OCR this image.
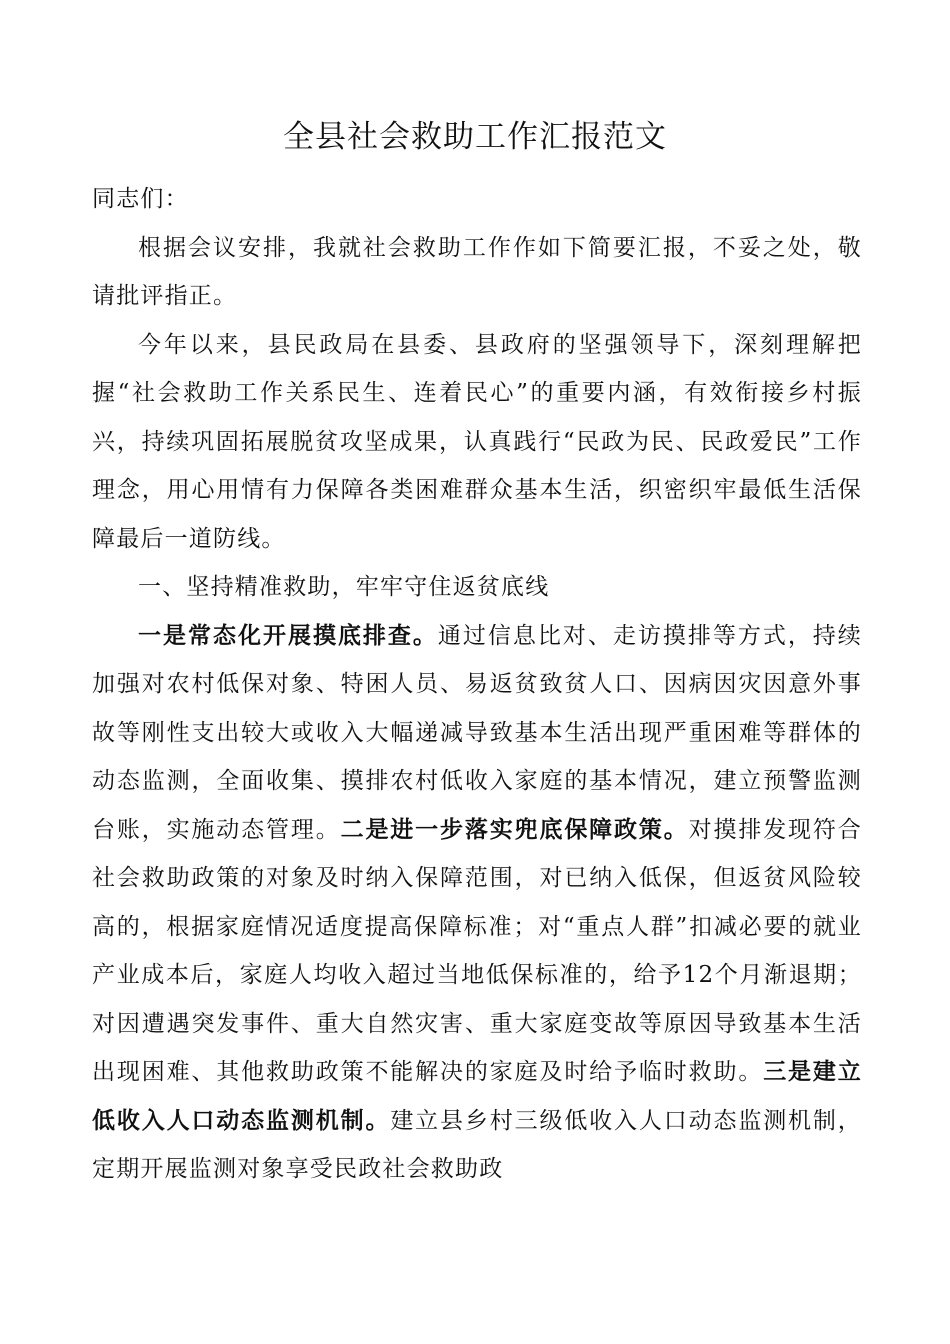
全县社会救助工作汇报范文

同志们：

根据会议安排，我就社会救助工作作如下简要汇报，不妥之处，敬请批评指正。

今年以来，县民政局在县委、县政府的坚强领导下，深刻理解把握“社会救助工作关系民生、连着民心”的重要内涵，有效衔接乡村振兴，持续巩固拓展脱贫攻坚成果，认真践行“民政为民、民政爱民”工作理念，用心用情有力保障各类困难群众基本生活，织密织牢最低生活保障最后一道防线。

一、坚持精准救助，牢牢守住返贫底线

一是常态化开展摸底排查。通过信息比对、走访摸排等方式，持续加强对农村低保对象、特困人员、易返贫致贫人口、因病因灾因意外事故等刚性支出较大或收入大幅递减导致基本生活出现严重困难等群体的动态监测，全面收集、摸排农村低收入家庭的基本情况，建立预警监测台账，实施动态管理。二是进一步落实兜底保障政策。对摸排发现符合社会救助政策的对象及时纳入保障范围，对已纳入低保，但返贫风险较高的，根据家庭情况适度提高保障标准；对“重点人群”扣减必要的就业产业成本后，家庭人均收入超过当地低保标准的，给予12个月渐退期；对因遭遇突发事件、重大自然灾害、重大家庭变故等原因导致基本生活出现困难、其他救助政策不能解决的家庭及时给予临时救助。三是建立低收入人口动态监测机制。建立县乡村三级低收入人口动态监测机制，定期开展监测对象享受民政社会救助政
